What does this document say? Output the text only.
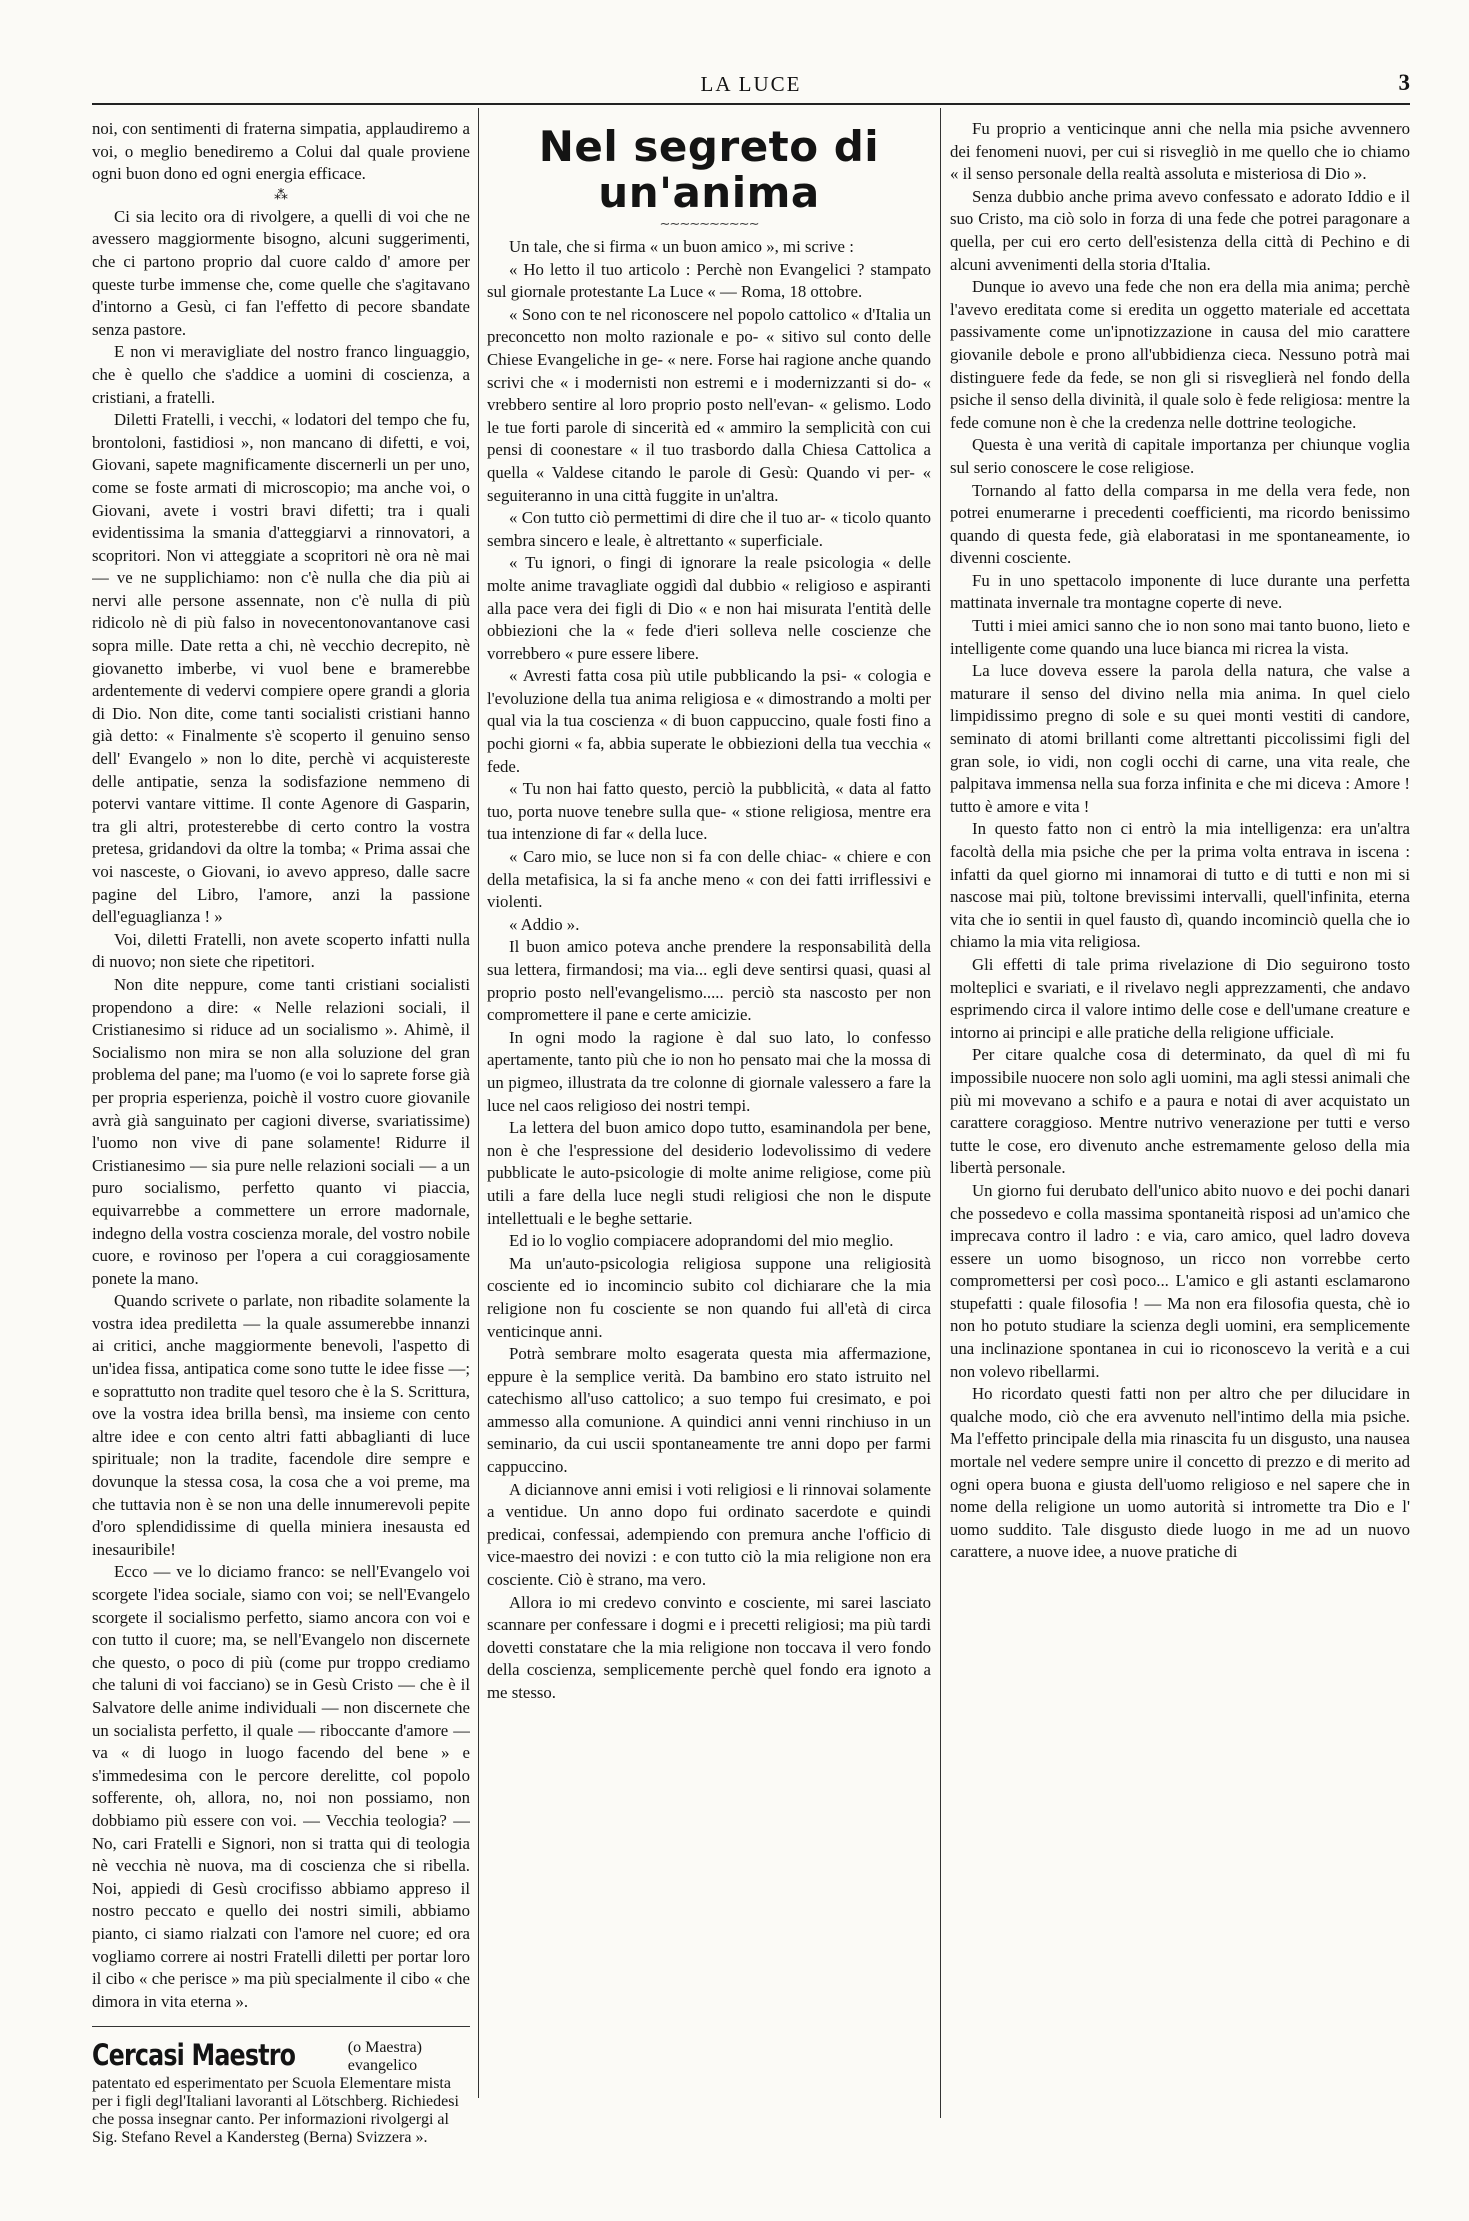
LA LUCE	3

noi, con sentimenti di fraterna simpatia, applaudiremo a voi, o meglio benediremo a Colui dal quale proviene ogni buon dono ed ogni energia efficace.

⁂

Ci sia lecito ora di rivolgere, a quelli di voi che ne avessero maggiormente bisogno, alcuni suggerimenti, che ci partono proprio dal cuore caldo d' amore per queste turbe immense che, come quelle che s'agitavano d'intorno a Gesù, ci fan l'effetto di pecore sbandate senza pastore.

E non vi meravigliate del nostro franco linguaggio, che è quello che s'addice a uomini di coscienza, a cristiani, a fratelli.

Diletti Fratelli, i vecchi, « lodatori del tempo che fu, brontoloni, fastidiosi », non mancano di difetti, e voi, Giovani, sapete magnificamente discernerli un per uno, come se foste armati di microscopio; ma anche voi, o Giovani, avete i vostri bravi difetti; tra i quali evidentissima la smania d'atteggiarvi a rinnovatori, a scopritori. Non vi atteggiate a scopritori nè ora nè mai — ve ne supplichiamo: non c'è nulla che dia più ai nervi alle persone assennate, non c'è nulla di più ridicolo nè di più falso in novecentonovantanove casi sopra mille. Date retta a chi, nè vecchio decrepito, nè giovanetto imberbe, vi vuol bene e bramerebbe ardentemente di vedervi compiere opere grandi a gloria di Dio. Non dite, come tanti socialisti cristiani hanno già detto: « Finalmente s'è scoperto il genuino senso dell' Evangelo » non lo dite, perchè vi acquistereste delle antipatie, senza la sodisfazione nemmeno di potervi vantare vittime. Il conte Agenore di Gasparin, tra gli altri, protesterebbe di certo contro la vostra pretesa, gridandovi da oltre la tomba; « Prima assai che voi nasceste, o Giovani, io avevo appreso, dalle sacre pagine del Libro, l'amore, anzi la passione dell'eguaglianza ! »

Voi, diletti Fratelli, non avete scoperto infatti nulla di nuovo; non siete che ripetitori.

Non dite neppure, come tanti cristiani socialisti propendono a dire: « Nelle relazioni sociali, il Cristianesimo si riduce ad un socialismo ». Ahimè, il Socialismo non mira se non alla soluzione del gran problema del pane; ma l'uomo (e voi lo saprete forse già per propria esperienza, poichè il vostro cuore giovanile avrà già sanguinato per cagioni diverse, svariatissime) l'uomo non vive di pane solamente! Ridurre il Cristianesimo — sia pure nelle relazioni sociali — a un puro socialismo, perfetto quanto vi piaccia, equivarrebbe a commettere un errore madornale, indegno della vostra coscienza morale, del vostro nobile cuore, e rovinoso per l'opera a cui coraggiosamente ponete la mano.

Quando scrivete o parlate, non ribadite solamente la vostra idea prediletta — la quale assumerebbe innanzi ai critici, anche maggiormente benevoli, l'aspetto di un'idea fissa, antipatica come sono tutte le idee fisse —; e soprattutto non tradite quel tesoro che è la S. Scrittura, ove la vostra idea brilla bensì, ma insieme con cento altre idee e con cento altri fatti abbaglianti di luce spirituale; non la tradite, facendole dire sempre e dovunque la stessa cosa, la cosa che a voi preme, ma che tuttavia non è se non una delle innumerevoli pepite d'oro splendidissime di quella miniera inesausta ed inesauribile!

Ecco — ve lo diciamo franco: se nell'Evangelo voi scorgete l'idea sociale, siamo con voi; se nell'Evangelo scorgete il socialismo perfetto, siamo ancora con voi e con tutto il cuore; ma, se nell'Evangelo non discernete che questo, o poco di più (come pur troppo crediamo che taluni di voi facciano) se in Gesù Cristo — che è il Salvatore delle anime individuali — non discernete che un socialista perfetto, il quale — riboccante d'amore — va « di luogo in luogo facendo del bene » e s'immedesima con le percore derelitte, col popolo sofferente, oh, allora, no, noi non possiamo, non dobbiamo più essere con voi. — Vecchia teologia? — No, cari Fratelli e Signori, non si tratta qui di teologia nè vecchia nè nuova, ma di coscienza che si ribella. Noi, appiedi di Gesù crocifisso abbiamo appreso il nostro peccato e quello dei nostri simili, abbiamo pianto, ci siamo rialzati con l'amore nel cuore; ed ora vogliamo correre ai nostri Fratelli diletti per portar loro il cibo « che perisce » ma più specialmente il cibo « che dimora in vita eterna ».

Cercasi Maestro	(o Maestra) evangelico patentato ed esperimentato per Scuola Elementare mista per i figli degl'Italiani lavoranti al Lötschberg. Richiedesi che possa insegnar canto. Per informazioni rivolgergi al Sig. Stefano Revel a Kandersteg (Berna) Svizzera ».
Nel segreto di un'anima
∼∼∼∼∼∼∼∼∼∼

Un tale, che si firma « un buon amico », mi scrive :

« Ho letto il tuo articolo : Perchè non Evangelici ? stampato sul giornale protestante La Luce « — Roma, 18 ottobre.

« Sono con te nel riconoscere nel popolo cattolico « d'Italia un preconcetto non molto razionale e po- « sitivo sul conto delle Chiese Evangeliche in ge- « nere. Forse hai ragione anche quando scrivi che « i modernisti non estremi e i modernizzanti si do- « vrebbero sentire al loro proprio posto nell'evan- « gelismo. Lodo le tue forti parole di sincerità ed « ammiro la semplicità con cui pensi di coonestare « il tuo trasbordo dalla Chiesa Cattolica a quella « Valdese citando le parole di Gesù: Quando vi per- « seguiteranno in una città fuggite in un'altra.

« Con tutto ciò permettimi di dire che il tuo ar- « ticolo quanto sembra sincero e leale, è altrettanto « superficiale.

« Tu ignori, o fingi di ignorare la reale psicologia « delle molte anime travagliate oggidì dal dubbio « religioso e aspiranti alla pace vera dei figli di Dio « e non hai misurata l'entità delle obbiezioni che la « fede d'ieri solleva nelle coscienze che vorrebbero « pure essere libere.

« Avresti fatta cosa più utile pubblicando la psi- « cologia e l'evoluzione della tua anima religiosa e « dimostrando a molti per qual via la tua coscienza « di buon cappuccino, quale fosti fino a pochi giorni « fa, abbia superate le obbiezioni della tua vecchia « fede.

« Tu non hai fatto questo, perciò la pubblicità, « data al fatto tuo, porta nuove tenebre sulla que- « stione religiosa, mentre era tua intenzione di far « della luce.

« Caro mio, se luce non si fa con delle chiac- « chiere e con della metafisica, la si fa anche meno « con dei fatti irriflessivi e violenti.

« Addio ».

Il buon amico poteva anche prendere la responsabilità della sua lettera, firmandosi; ma via... egli deve sentirsi quasi, quasi al proprio posto nell'evangelismo..... perciò sta nascosto per non compromettere il pane e certe amicizie.

In ogni modo la ragione è dal suo lato, lo confesso apertamente, tanto più che io non ho pensato mai che la mossa di un pigmeo, illustrata da tre colonne di giornale valessero a fare la luce nel caos religioso dei nostri tempi.

La lettera del buon amico dopo tutto, esaminandola per bene, non è che l'espressione del desiderio lodevolissimo di vedere pubblicate le auto-psicologie di molte anime religiose, come più utili a fare della luce negli studi religiosi che non le dispute intellettuali e le beghe settarie.

Ed io lo voglio compiacere adoprandomi del mio meglio.

Ma un'auto-psicologia religiosa suppone una religiosità cosciente ed io incomincio subito col dichiarare che la mia religione non fu cosciente se non quando fui all'età di circa venticinque anni.

Potrà sembrare molto esagerata questa mia affermazione, eppure è la semplice verità. Da bambino ero stato istruito nel catechismo all'uso cattolico; a suo tempo fui cresimato, e poi ammesso alla comunione. A quindici anni venni rinchiuso in un seminario, da cui uscii spontaneamente tre anni dopo per farmi cappuccino.

A diciannove anni emisi i voti religiosi e li rinnovai solamente a ventidue. Un anno dopo fui ordinato sacerdote e quindi predicai, confessai, adempiendo con premura anche l'officio di vice-maestro dei novizi : e con tutto ciò la mia religione non era cosciente. Ciò è strano, ma vero.

Allora io mi credevo convinto e cosciente, mi sarei lasciato scannare per confessare i dogmi e i precetti religiosi; ma più tardi dovetti constatare che la mia religione non toccava il vero fondo della coscienza, semplicemente perchè quel fondo era ignoto a me stesso.

Fu proprio a venticinque anni che nella mia psiche avvennero dei fenomeni nuovi, per cui si risvegliò in me quello che io chiamo « il senso personale della realtà assoluta e misteriosa di Dio ».

Senza dubbio anche prima avevo confessato e adorato Iddio e il suo Cristo, ma ciò solo in forza di una fede che potrei paragonare a quella, per cui ero certo dell'esistenza della città di Pechino e di alcuni avvenimenti della storia d'Italia.

Dunque io avevo una fede che non era della mia anima; perchè l'avevo ereditata come si eredita un oggetto materiale ed accettata passivamente come un'ipnotizzazione in causa del mio carattere giovanile debole e prono all'ubbidienza cieca. Nessuno potrà mai distinguere fede da fede, se non gli si risveglierà nel fondo della psiche il senso della divinità, il quale solo è fede religiosa: mentre la fede comune non è che la credenza nelle dottrine teologiche.

Questa è una verità di capitale importanza per chiunque voglia sul serio conoscere le cose religiose.

Tornando al fatto della comparsa in me della vera fede, non potrei enumerarne i precedenti coefficienti, ma ricordo benissimo quando di questa fede, già elaboratasi in me spontaneamente, io divenni cosciente.

Fu in uno spettacolo imponente di luce durante una perfetta mattinata invernale tra montagne coperte di neve.

Tutti i miei amici sanno che io non sono mai tanto buono, lieto e intelligente come quando una luce bianca mi ricrea la vista.

La luce doveva essere la parola della natura, che valse a maturare il senso del divino nella mia anima. In quel cielo limpidissimo pregno di sole e su quei monti vestiti di candore, seminato di atomi brillanti come altrettanti piccolissimi figli del gran sole, io vidi, non cogli occhi di carne, una vita reale, che palpitava immensa nella sua forza infinita e che mi diceva : Amore ! tutto è amore e vita !

In questo fatto non ci entrò la mia intelligenza: era un'altra facoltà della mia psiche che per la prima volta entrava in iscena : infatti da quel giorno mi innamorai di tutto e di tutti e non mi si nascose mai più, toltone brevissimi intervalli, quell'infinita, eterna vita che io sentii in quel fausto dì, quando incominciò quella che io chiamo la mia vita religiosa.

Gli effetti di tale prima rivelazione di Dio seguirono tosto molteplici e svariati, e il rivelavo negli apprezzamenti, che andavo esprimendo circa il valore intimo delle cose e dell'umane creature e intorno ai principi e alle pratiche della religione ufficiale.

Per citare qualche cosa di determinato, da quel dì mi fu impossibile nuocere non solo agli uomini, ma agli stessi animali che più mi movevano a schifo e a paura e notai di aver acquistato un carattere coraggioso. Mentre nutrivo venerazione per tutti e verso tutte le cose, ero divenuto anche estremamente geloso della mia libertà personale.

Un giorno fui derubato dell'unico abito nuovo e dei pochi danari che possedevo e colla massima spontaneità risposi ad un'amico che imprecava contro il ladro : e via, caro amico, quel ladro doveva essere un uomo bisognoso, un ricco non vorrebbe certo compromettersi per così poco... L'amico e gli astanti esclamarono stupefatti : quale filosofia ! — Ma non era filosofia questa, chè io non ho potuto studiare la scienza degli uomini, era semplicemente una inclinazione spontanea in cui io riconoscevo la verità e a cui non volevo ribellarmi.

Ho ricordato questi fatti non per altro che per dilucidare in qualche modo, ciò che era avvenuto nell'intimo della mia psiche. Ma l'effetto principale della mia rinascita fu un disgusto, una nausea mortale nel vedere sempre unire il concetto di prezzo e di merito ad ogni opera buona e giusta dell'uomo religioso e nel sapere che in nome della religione un uomo autorità si intromette tra Dio e l' uomo suddito. Tale disgusto diede luogo in me ad un nuovo carattere, a nuove idee, a nuove pratiche di
